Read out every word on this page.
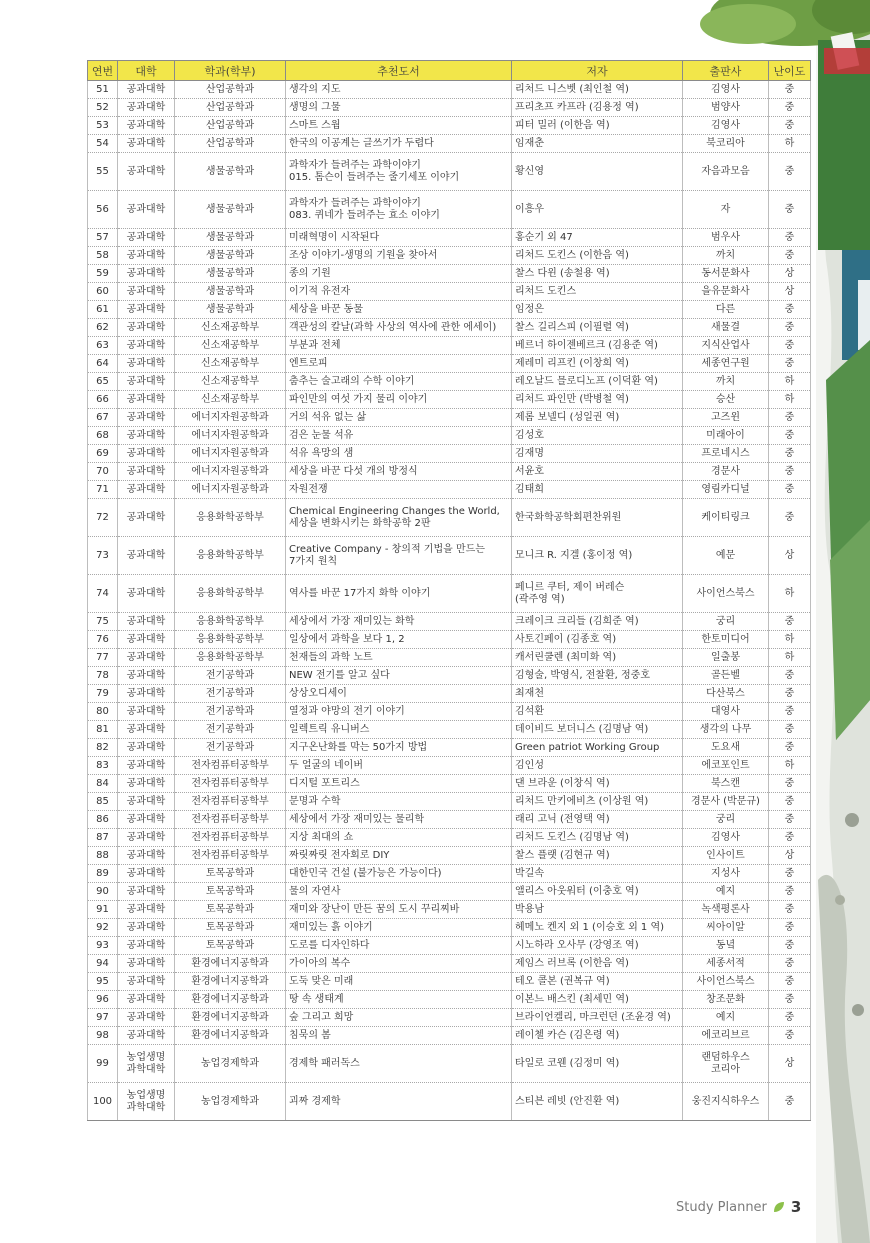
연번	대학	학과(학부)	추천도서	저자	출판사	난이도

51	공과대학	산업공학과	생각의 지도	리처드 니스벳 (최인철 역)	김영사	중

52	공과대학	산업공학과	생명의 그물	프리초프 카프라 (김용정 역)	범양사	중

53	공과대학	산업공학과	스마트 스웜	피터 밀러 (이한음 역)	김영사	중

54	공과대학	산업공학과	한국의 이공계는 글쓰기가 두렵다	임재춘	북코리아	하

55	공과대학	생물공학과	과학자가 들려주는 과학이야기
015. 톰슨이 들려주는 줄기세포 이야기	황신영	자음과모음	중

56	공과대학	생물공학과	과학자가 들려주는 과학이야기
083. 퀴네가 들려주는 효소 이야기	이흥우	자	중

57	공과대학	생물공학과	미래혁명이 시작된다	홍순기 외 47	범우사	중

58	공과대학	생물공학과	조상 이야기-생명의 기원을 찾아서	리처드 도킨스 (이한음 역)	까치	중

59	공과대학	생물공학과	종의 기원	찰스 다윈 (송철용 역)	동서문화사	상

60	공과대학	생물공학과	이기적 유전자	리처드 도킨스	을유문화사	상

61	공과대학	생물공학과	세상을 바꾼 동물	임정은	다른	중

62	공과대학	신소재공학부	객관성의 칼날(과학 사상의 역사에 관한 에세이)	찰스 길리스피 (이필렬 역)	새물결	중

63	공과대학	신소재공학부	부분과 전체	베르너 하이젠베르크 (김용준 역)	지식산업사	중

64	공과대학	신소재공학부	엔트로피	제레미 리프킨 (이창희 역)	세종연구원	중

65	공과대학	신소재공학부	춤추는 술고래의 수학 이야기	레오날드 믈로디노프 (이덕환 역)	까치	하

66	공과대학	신소재공학부	파인만의 여섯 가지 물리 이야기	리처드 파인만 (박병철 역)	승산	하

67	공과대학	에너지자원공학과	거의 석유 없는 삶	제롬 보넬디 (성일권 역)	고즈윈	중

68	공과대학	에너지자원공학과	검은 눈물 석유	김성호	미래아이	중

69	공과대학	에너지자원공학과	석유 욕망의 샘	김재명	프로네시스	중

70	공과대학	에너지자원공학과	세상을 바꾼 다섯 개의 방정식	서윤호	경문사	중

71	공과대학	에너지자원공학과	자원전쟁	김태희	영림카디널	중

72	공과대학	응용화학공학부	Chemical Engineering Changes the World,
세상을 변화시키는 화학공학 2판	한국화학공학회편찬위원	케이티링크	중

73	공과대학	응용화학공학부	Creative Company - 창의적 기법을 만드는
7가지 원칙	모니크 R. 지겔 (홍이정 역)	예문	상

74	공과대학	응용화학공학부	역사를 바꾼 17가지 화학 이야기	페니르 쿠터, 제이 버레슨
(곽주영 역)	사이언스북스	하

75	공과대학	응용화학공학부	세상에서 가장 재미있는 화학	크레이크 크리들 (김희준 역)	궁리	중

76	공과대학	응용화학공학부	일상에서 과학을 보다 1, 2	사토긴페이 (김종호 역)	한토미디어	하

77	공과대학	응용화학공학부	천재들의 과학 노트	캐서린쿨렌 (최미화 역)	일출봉	하

78	공과대학	전기공학과	NEW 전기를 알고 싶다	김형술, 박영식, 전찰환, 정중호	골든벨	중

79	공과대학	전기공학과	상상오디세이	최재천	다산북스	중

80	공과대학	전기공학과	열정과 야망의 전기 이야기	김석환	대영사	중

81	공과대학	전기공학과	일렉트릭 유니버스	데이비드 보더니스 (김명남 역)	생각의 나무	중

82	공과대학	전기공학과	지구온난화를 막는 50가지 방법	Green patriot Working Group	도요새	중

83	공과대학	전자컴퓨터공학부	두 얼굴의 네이버	김인성	에코포인트	하

84	공과대학	전자컴퓨터공학부	디지털 포트리스	댄 브라운 (이창식 역)	북스캔	중

85	공과대학	전자컴퓨터공학부	문명과 수학	리처드 만키에비츠 (이상원 역)	경문사 (박문규)	중

86	공과대학	전자컴퓨터공학부	세상에서 가장 재미있는 물리학	래리 고닉 (전영택 역)	궁리	중

87	공과대학	전자컴퓨터공학부	지상 최대의 쇼	리처드 도킨스 (김명남 역)	김영사	중

88	공과대학	전자컴퓨터공학부	짜릿짜릿 전자회로 DIY	찰스 플랫 (김현규 역)	인사이트	상

89	공과대학	토목공학과	대한민국 건설 (불가능은 가능이다)	박길속	지성사	중

90	공과대학	토목공학과	물의 자연사	앨리스 아웃워터 (이충호 역)	예지	중

91	공과대학	토목공학과	재미와 장난이 만든 꿈의 도시 꾸리찌바	박용남	녹색평론사	중

92	공과대학	토목공학과	재미있는 흙 이야기	헤메노 켄지 외 1 (이승호 외 1 역)	씨아이알	중

93	공과대학	토목공학과	도로를 디자인하다	시노하라 오사무 (강영조 역)	동녘	중

94	공과대학	환경에너지공학과	가이아의 복수	제임스 러브록 (이한음 역)	세종서적	중

95	공과대학	환경에너지공학과	도둑 맞은 미래	테오 콜본 (권복규 역)	사이언스북스	중

96	공과대학	환경에너지공학과	땅 속 생태계	이본느 배스킨 (최세민 역)	창조문화	중

97	공과대학	환경에너지공학과	숲 그리고 희망	브라이언켈리, 마크런던 (조윤경 역)	예지	중

98	공과대학	환경에너지공학과	침묵의 봄	레이첼 카슨 (김은령 역)	에코리브르	중

99	농업생명
과학대학	농업경제학과	경제학 패러독스	타일로 코웬 (김정미 역)	랜덤하우스
코리아	상

100	농업생명
과학대학	농업경제학과	괴짜 경제학	스티븐 레빗 (안진환 역)	웅진지식하우스	중
Study Planner 3
